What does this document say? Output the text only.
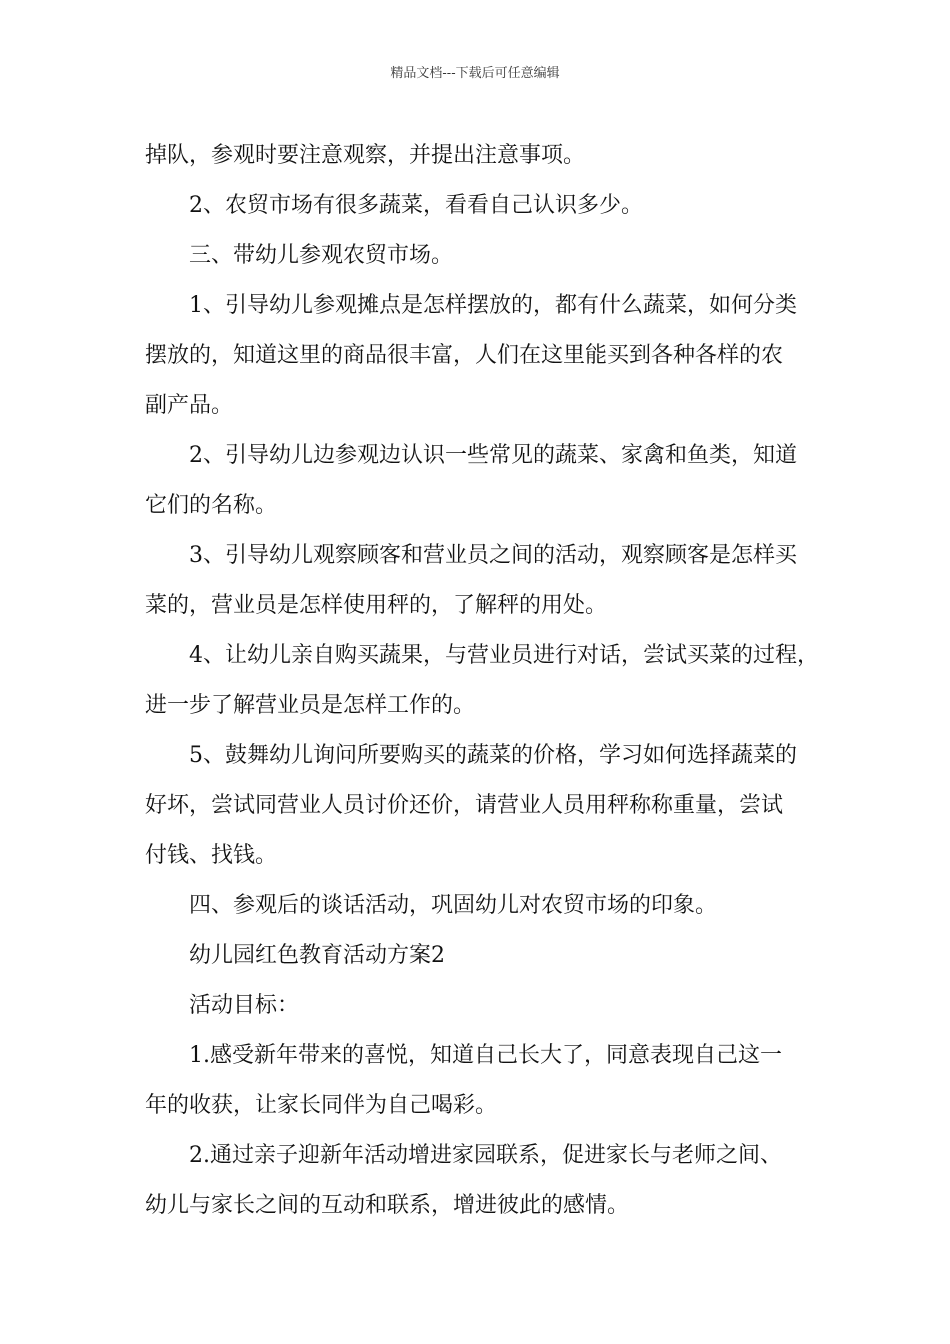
精品文档---下载后可任意编辑
掉队，参观时要注意观察，并提出注意事项。
2、农贸市场有很多蔬菜，看看自己认识多少。
三、带幼儿参观农贸市场。
1、引导幼儿参观摊点是怎样摆放的，都有什么蔬菜，如何分类
摆放的，知道这里的商品很丰富，人们在这里能买到各种各样的农
副产品。
2、引导幼儿边参观边认识一些常见的蔬菜、家禽和鱼类，知道
它们的名称。
3、引导幼儿观察顾客和营业员之间的活动，观察顾客是怎样买
菜的，营业员是怎样使用秤的，了解秤的用处。
4、让幼儿亲自购买蔬果，与营业员进行对话，尝试买菜的过程，
进一步了解营业员是怎样工作的。
5、鼓舞幼儿询问所要购买的蔬菜的价格，学习如何选择蔬菜的
好坏，尝试同营业人员讨价还价，请营业人员用秤称称重量，尝试
付钱、找钱。
四、参观后的谈话活动，巩固幼儿对农贸市场的印象。
幼儿园红色教育活动方案2
活动目标：
1.感受新年带来的喜悦，知道自己长大了，同意表现自己这一
年的收获，让家长同伴为自己喝彩。
2.通过亲子迎新年活动增进家园联系，促进家长与老师之间、
幼儿与家长之间的互动和联系，增进彼此的感情。
